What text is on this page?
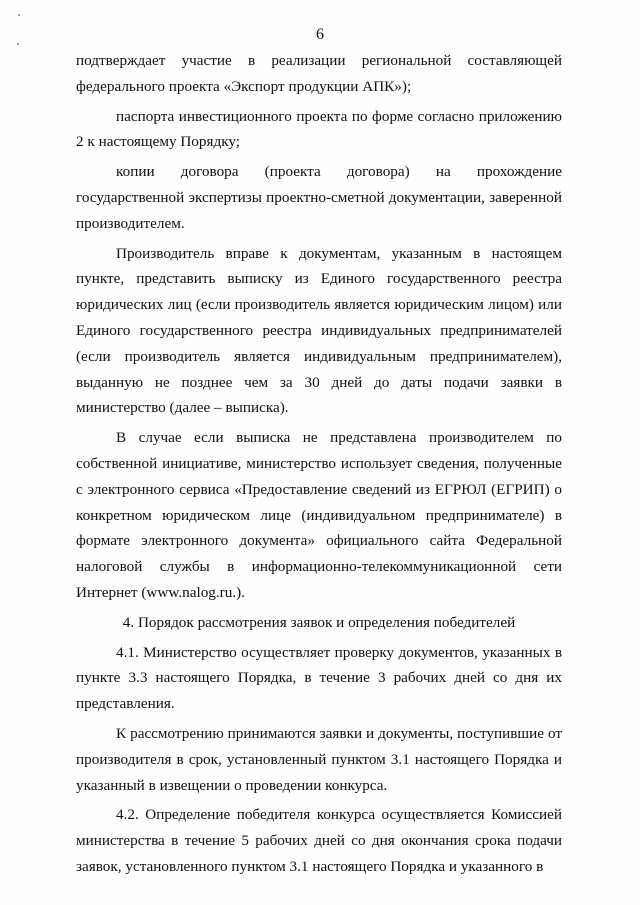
6

подтверждает участие в реализации региональной составляющей федерального проекта «Экспорт продукции АПК»);

паспорта инвестиционного проекта по форме согласно приложению 2 к настоящему Порядку;

копии договора (проекта договора) на прохождение государственной экспертизы проектно-сметной документации, заверенной производителем.

Производитель вправе к документам, указанным в настоящем пункте, представить выписку из Единого государственного реестра юридических лиц (если производитель является юридическим лицом) или Единого государственного реестра индивидуальных предпринимателей (если производитель является индивидуальным предпринимателем), выданную не позднее чем за 30 дней до даты подачи заявки в министерство (далее – выписка).

В случае если выписка не представлена производителем по собственной инициативе, министерство использует сведения, полученные с электронного сервиса «Предоставление сведений из ЕГРЮЛ (ЕГРИП) о конкретном юридическом лице (индивидуальном предпринимателе) в формате электронного документа» официального сайта Федеральной налоговой службы в информационно-телекоммуникационной сети Интернет (www.nalog.ru.).

4. Порядок рассмотрения заявок и определения победителей

4.1. Министерство осуществляет проверку документов, указанных в пункте 3.3 настоящего Порядка, в течение 3 рабочих дней со дня их представления.

К рассмотрению принимаются заявки и документы, поступившие от производителя в срок, установленный пунктом 3.1 настоящего Порядка и указанный в извещении о проведении конкурса.

4.2. Определение победителя конкурса осуществляется Комиссией министерства в течение 5 рабочих дней со дня окончания срока подачи заявок, установленного пунктом 3.1 настоящего Порядка и указанного в
